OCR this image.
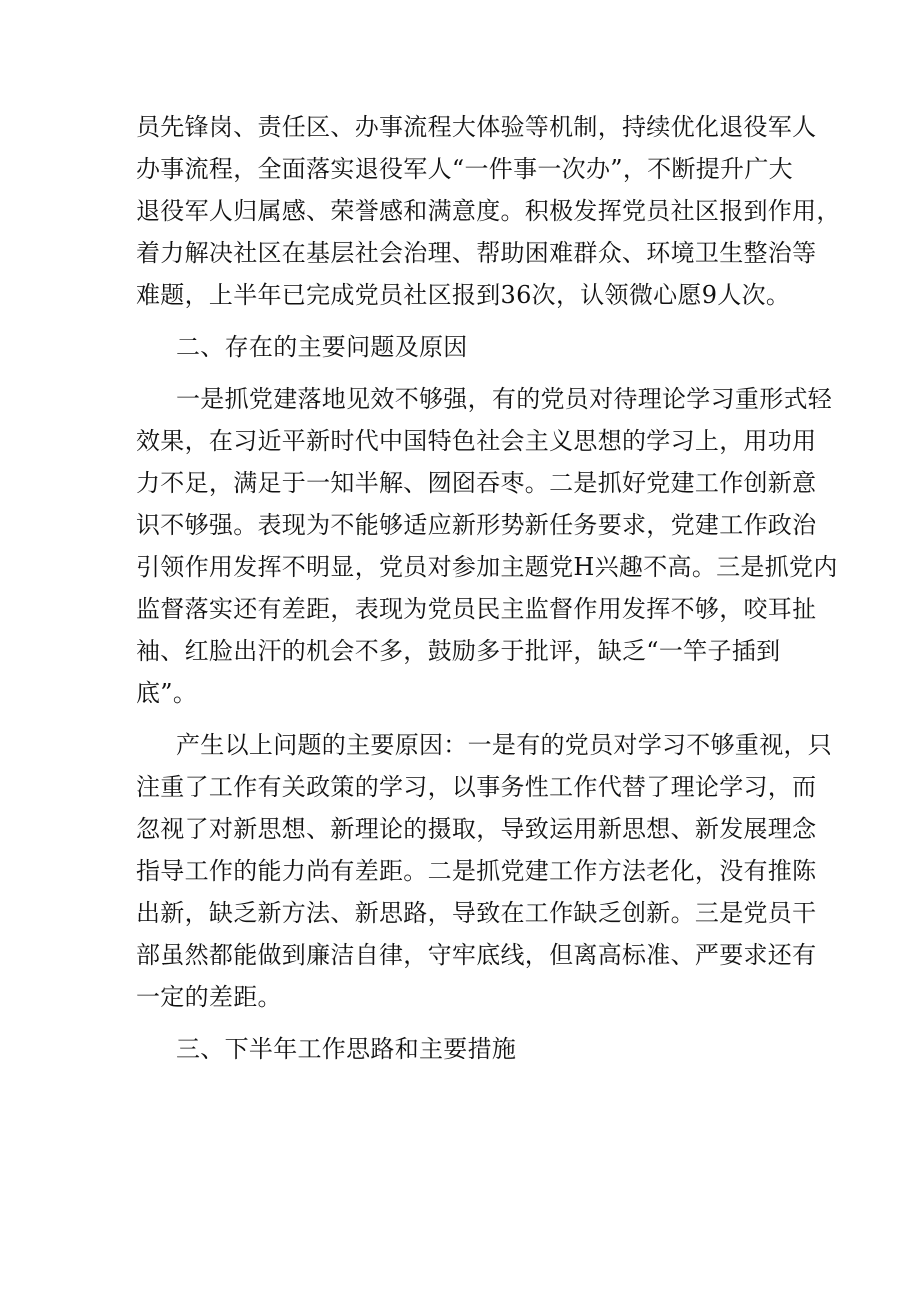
员先锋岗、责任区、办事流程大体验等机制，持续优化退役军人
办事流程，全面落实退役军人“一件事一次办”，不断提升广大
退役军人归属感、荣誉感和满意度。积极发挥党员社区报到作用，
着力解决社区在基层社会治理、帮助困难群众、环境卫生整治等
难题，上半年已完成党员社区报到36次，认领微心愿9人次。
二、存在的主要问题及原因
一是抓党建落地见效不够强，有的党员对待理论学习重形式轻
效果，在习近平新时代中国特色社会主义思想的学习上，用功用
力不足，满足于一知半解、囫囵吞枣。二是抓好党建工作创新意
识不够强。表现为不能够适应新形势新任务要求，党建工作政治
引领作用发挥不明显，党员对参加主题党H兴趣不高。三是抓党内
监督落实还有差距，表现为党员民主监督作用发挥不够，咬耳扯
袖、红脸出汗的机会不多，鼓励多于批评，缺乏“一竿子插到
底”。
产生以上问题的主要原因：一是有的党员对学习不够重视，只
注重了工作有关政策的学习，以事务性工作代替了理论学习，而
忽视了对新思想、新理论的摄取，导致运用新思想、新发展理念
指导工作的能力尚有差距。二是抓党建工作方法老化，没有推陈
出新，缺乏新方法、新思路，导致在工作缺乏创新。三是党员干
部虽然都能做到廉洁自律，守牢底线，但离高标准、严要求还有
一定的差距。
三、下半年工作思路和主要措施
